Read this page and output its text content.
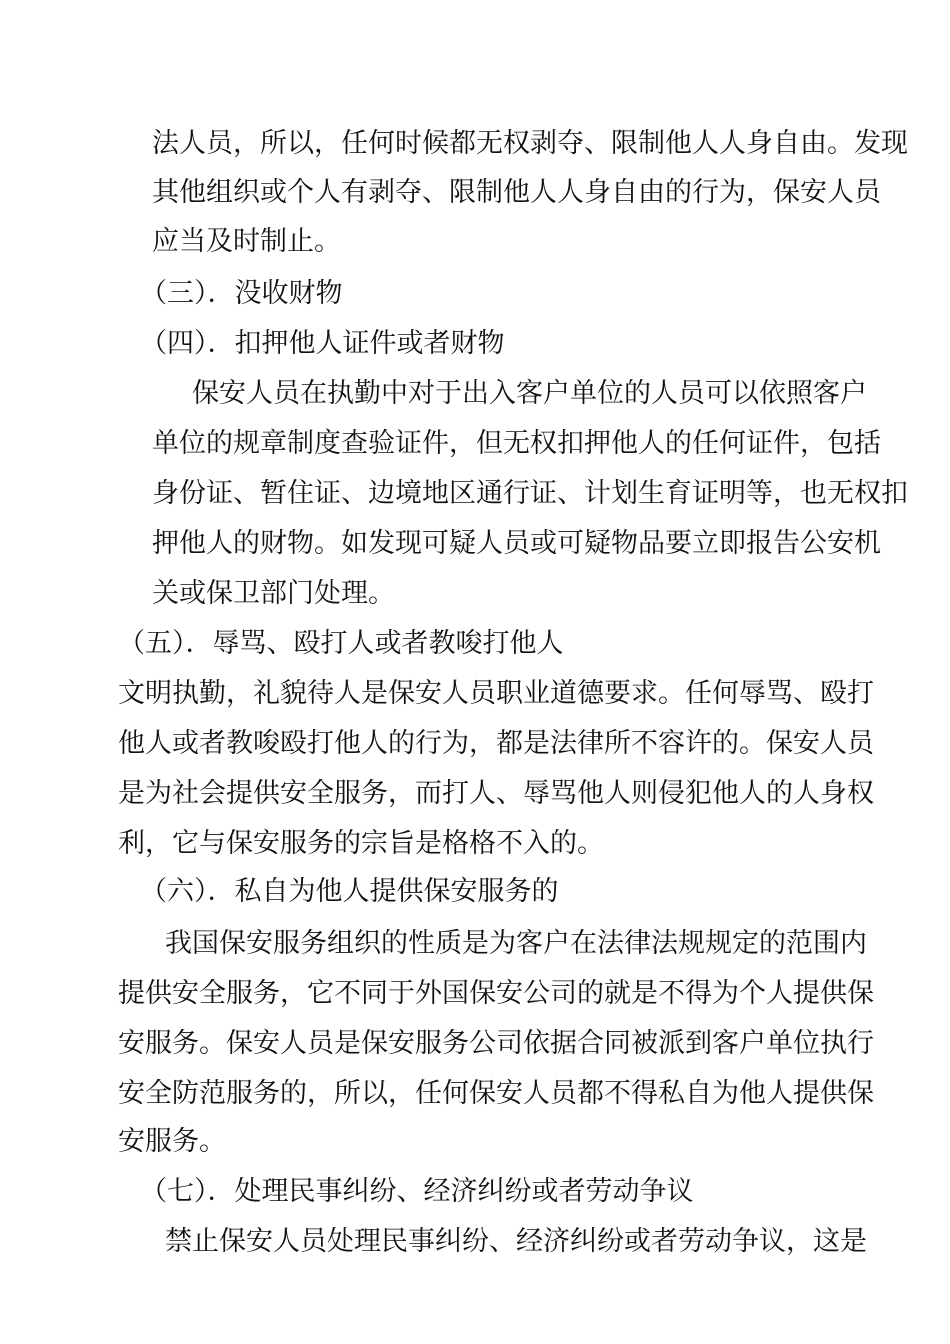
法人员，所以，任何时候都无权剥夺、限制他人人身自由。发现
其他组织或个人有剥夺、限制他人人身自由的行为，保安人员
应当及时制止。
（三）．没收财物
（四）．扣押他人证件或者财物
保安人员在执勤中对于出入客户单位的人员可以依照客户
单位的规章制度查验证件，但无权扣押他人的任何证件，包括
身份证、暂住证、边境地区通行证、计划生育证明等，也无权扣
押他人的财物。如发现可疑人员或可疑物品要立即报告公安机
关或保卫部门处理。
（五）．辱骂、殴打人或者教唆打他人
文明执勤，礼貌待人是保安人员职业道德要求。任何辱骂、殴打
他人或者教唆殴打他人的行为，都是法律所不容许的。保安人员
是为社会提供安全服务，而打人、辱骂他人则侵犯他人的人身权
利，它与保安服务的宗旨是格格不入的。
（六）．私自为他人提供保安服务的
我国保安服务组织的性质是为客户在法律法规规定的范围内
提供安全服务，它不同于外国保安公司的就是不得为个人提供保
安服务。保安人员是保安服务公司依据合同被派到客户单位执行
安全防范服务的，所以，任何保安人员都不得私自为他人提供保
安服务。
（七）．处理民事纠纷、经济纠纷或者劳动争议
禁止保安人员处理民事纠纷、经济纠纷或者劳动争议，这是
